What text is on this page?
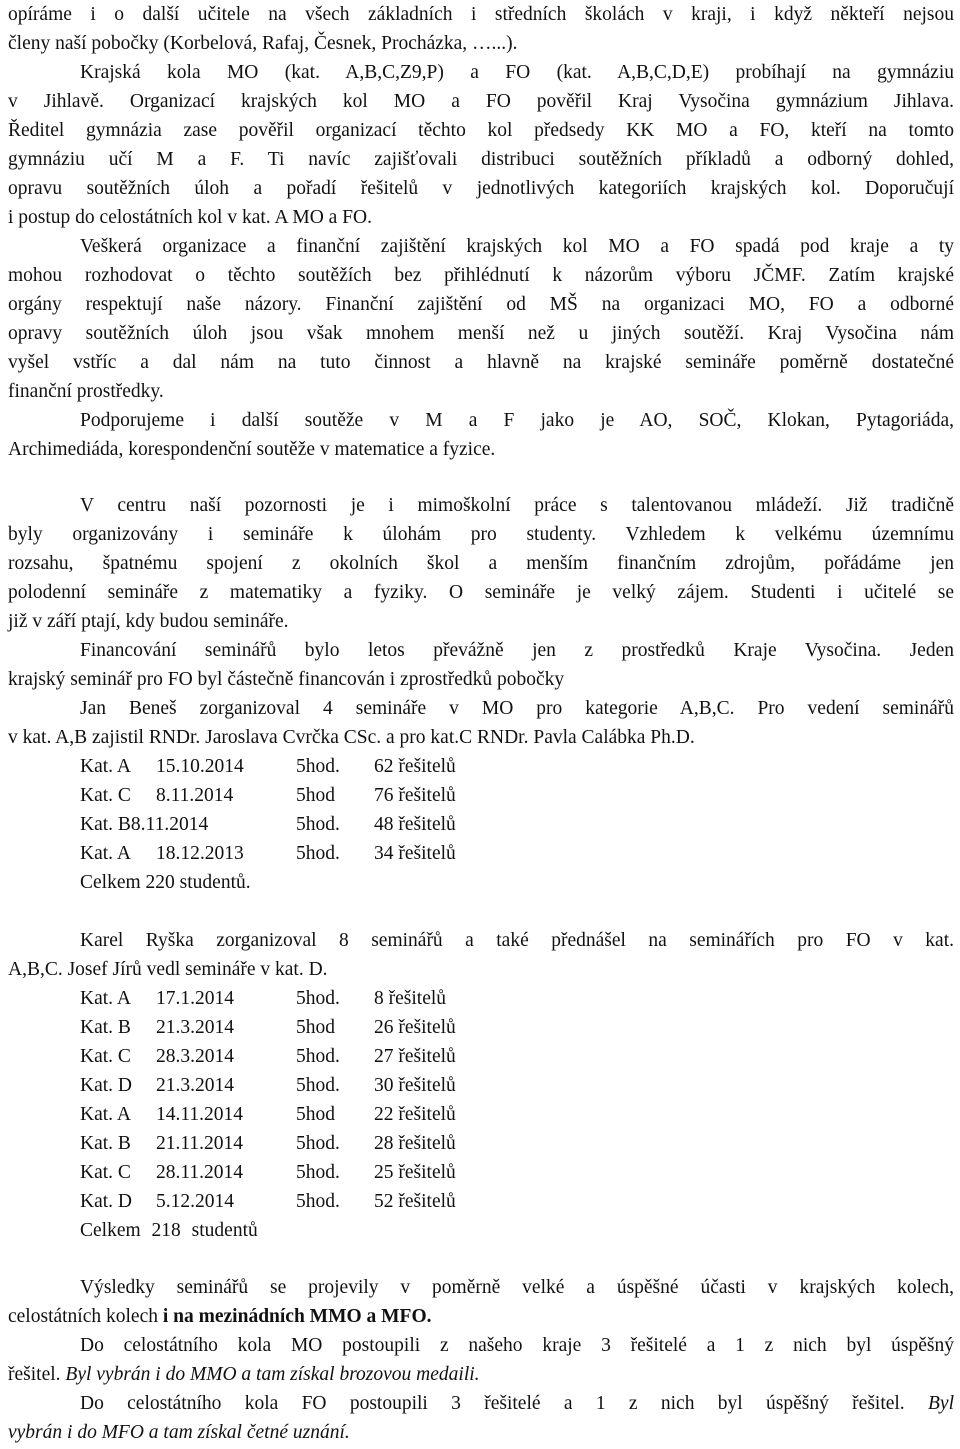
opíráme i o další učitele na všech základních i středních školách v kraji, i když někteří nejsou

členy naší pobočky (Korbelová, Rafaj, Česnek, Procházka, …...).

Krajská kola MO (kat. A,B,C,Z9,P) a FO (kat. A,B,C,D,E) probíhají na gymnáziu

v Jihlavě. Organizací krajských kol MO a FO pověřil Kraj Vysočina gymnázium Jihlava.

Ředitel gymnázia zase pověřil organizací těchto kol předsedy KK MO a FO, kteří na tomto

gymnáziu učí M a F. Ti navíc zajišťovali distribuci soutěžních příkladů a odborný dohled,

opravu soutěžních úloh a pořadí řešitelů v jednotlivých kategoriích krajských kol. Doporučují

i postup do celostátních kol v kat. A MO a FO.

Veškerá organizace a finanční zajištění krajských kol MO a FO spadá pod kraje a ty

mohou rozhodovat o těchto soutěžích bez přihlédnutí k názorům výboru JČMF. Zatím krajské

orgány respektují naše názory. Finanční zajištění od MŠ na organizaci MO, FO a odborné

opravy soutěžních úloh jsou však mnohem menší než u jiných soutěží. Kraj Vysočina nám

vyšel vstříc a dal nám na tuto činnost a hlavně na krajské semináře poměrně dostatečné

finanční prostředky.

Podporujeme i další soutěže v M a F jako je AO, SOČ, Klokan, Pytagoriáda,

Archimediáda, korespondenční soutěže v matematice a fyzice.

V centru naší pozornosti je i mimoškolní práce s talentovanou mládeží. Již tradičně

byly organizovány i semináře k úlohám pro studenty. Vzhledem k velkému územnímu

rozsahu, špatnému spojení z okolních škol a menším finančním zdrojům, pořádáme jen

polodenní semináře z matematiky a fyziky. O semináře je velký zájem. Studenti i učitelé se

již v září ptají, kdy budou semináře.

Financování seminářů bylo letos převážně jen z prostředků Kraje Vysočina. Jeden

krajský seminář pro FO byl částečně financován i zprostředků pobočky

Jan Beneš zorganizoval 4 semináře v MO pro kategorie A,B,C. Pro vedení seminářů

v kat. A,B zajistil RNDr. Jaroslava Cvrčka CSc. a pro kat.C RNDr. Pavla Calábka Ph.D.

Kat. A 15.10.2014	5hod. 62 řešitelů

Kat. C 8.11.2014	5hod 76 řešitelů

Kat. B8.11.2014	5hod. 48 řešitelů

Kat. A 18.12.2013	5hod. 34 řešitelů

Celkem 220 studentů.

Karel Ryška zorganizoval 8 seminářů a také přednášel na seminářích pro FO v kat.

A,B,C. Josef Jírů vedl semináře v kat. D.

Kat. A 17.1.2014	5hod. 8 řešitelů

Kat. B 21.3.2014	5hod 26 řešitelů

Kat. C 28.3.2014	5hod. 27 řešitelů

Kat. D 21.3.2014	5hod. 30 řešitelů

Kat. A 14.11.2014	5hod 22 řešitelů

Kat. B 21.11.2014	5hod. 28 řešitelů

Kat. C 28.11.2014	5hod. 25 řešitelů

Kat. D 5.12.2014	5hod. 52 řešitelů

Celkem 218 studentů

Výsledky seminářů se projevily v poměrně velké a úspěšné účasti v krajských kolech,

celostátních kolech i na mezinádních MMO a MFO.

Do celostátního kola MO postoupili z našeho kraje 3 řešitelé a 1 z nich byl úspěšný

řešitel. Byl vybrán i do MMO a tam získal brozovou medaili.

Do celostátního kola FO postoupili 3 řešitelé a 1 z nich byl úspěšný řešitel. Byl

vybrán i do MFO a tam získal četné uznání.
